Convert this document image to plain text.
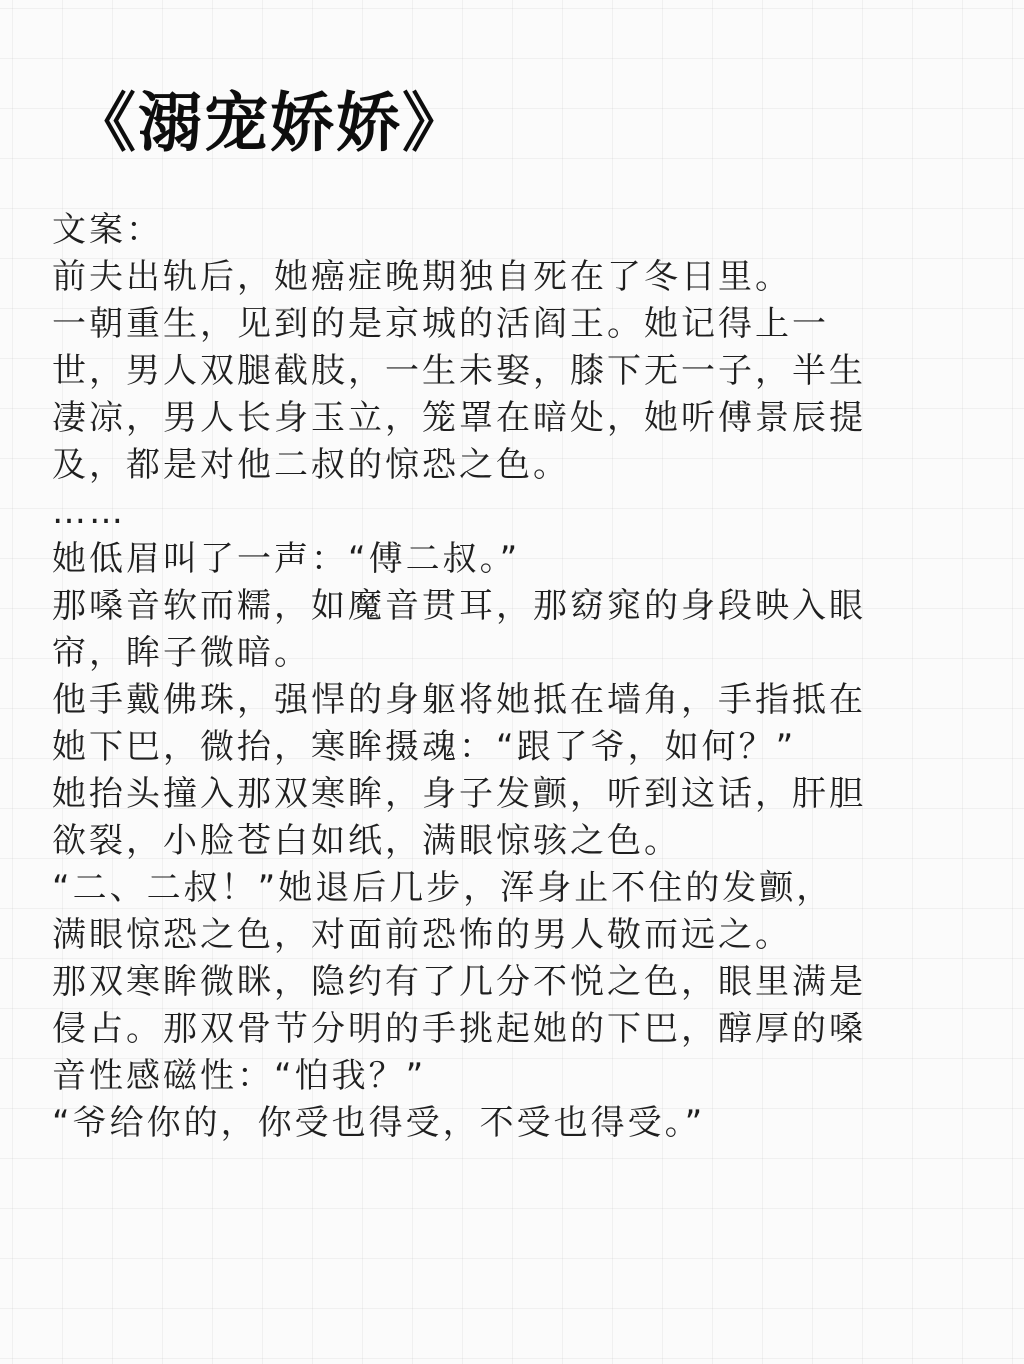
《溺宠娇娇》
文案：
前夫出轨后，她癌症晚期独自死在了冬日里。
一朝重生，见到的是京城的活阎王。她记得上一
世，男人双腿截肢，一生未娶，膝下无一子，半生
凄凉，男人长身玉立，笼罩在暗处，她听傅景辰提
及，都是对他二叔的惊恐之色。
……
她低眉叫了一声：“傅二叔。”
那嗓音软而糯，如魔音贯耳，那窈窕的身段映入眼
帘，眸子微暗。
他手戴佛珠，强悍的身躯将她抵在墙角，手指抵在
她下巴，微抬，寒眸摄魂：“跟了爷，如何？”
她抬头撞入那双寒眸，身子发颤，听到这话，肝胆
欲裂，小脸苍白如纸，满眼惊骇之色。
“二、二叔！”她退后几步，浑身止不住的发颤，
满眼惊恐之色，对面前恐怖的男人敬而远之。
那双寒眸微眯，隐约有了几分不悦之色，眼里满是
侵占。那双骨节分明的手挑起她的下巴，醇厚的嗓
音性感磁性：“怕我？”
“爷给你的，你受也得受，不受也得受。”
